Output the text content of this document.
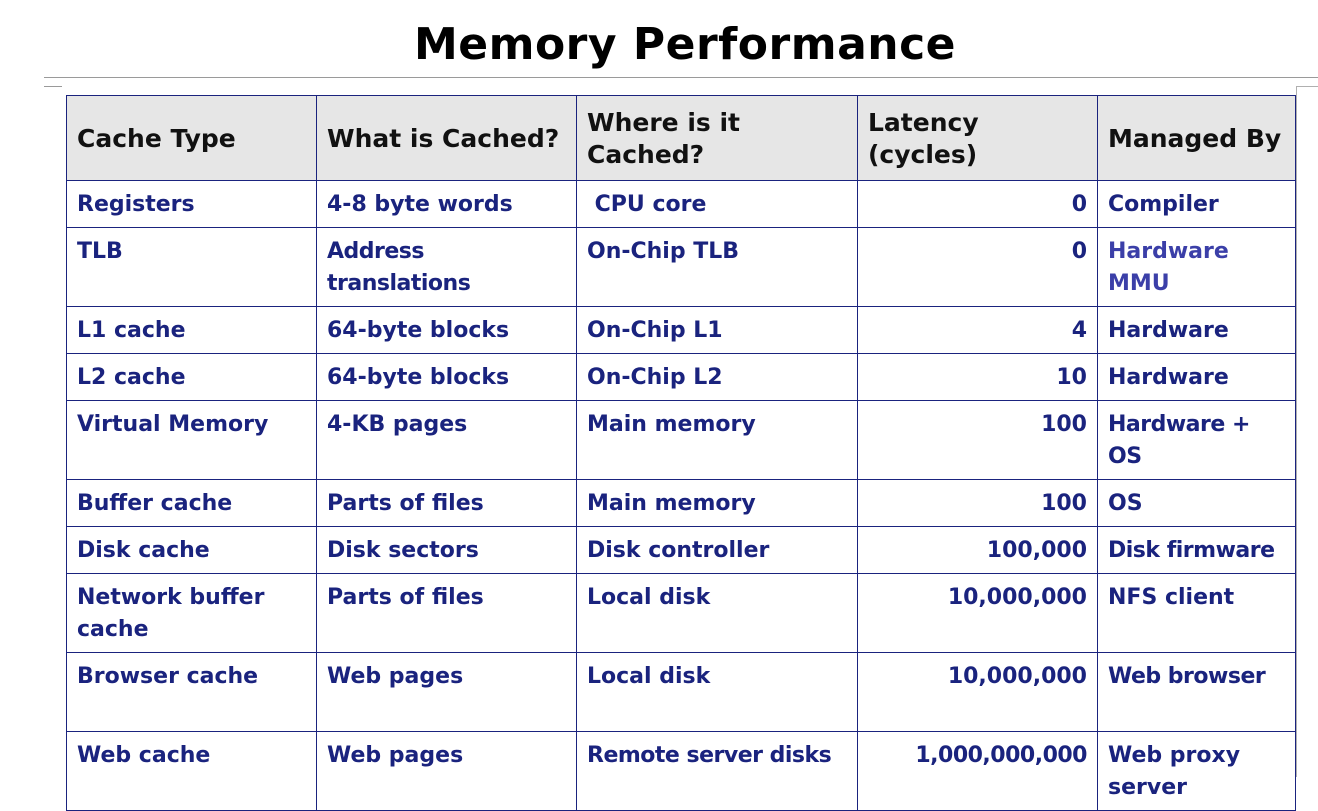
Memory Performance
Cache Type	What is Cached?	Where is it Cached?	Latency (cycles)	Managed By
Registers	4-8 byte words	CPU core	0	Compiler
TLB	Address translations	On-Chip TLB	0	Hardware MMU
L1 cache	64-byte blocks	On-Chip L1	4	Hardware
L2 cache	64-byte blocks	On-Chip L2	10	Hardware
Virtual Memory	4-KB pages	Main memory	100	Hardware + OS
Buffer cache	Parts of files	Main memory	100	OS
Disk cache	Disk sectors	Disk controller	100,000	Disk firmware
Network buffer cache	Parts of files	Local disk	10,000,000	NFS client
Browser cache	Web pages	Local disk	10,000,000	Web browser
Web cache	Web pages	Remote server disks	1,000,000,000	Web proxy server
